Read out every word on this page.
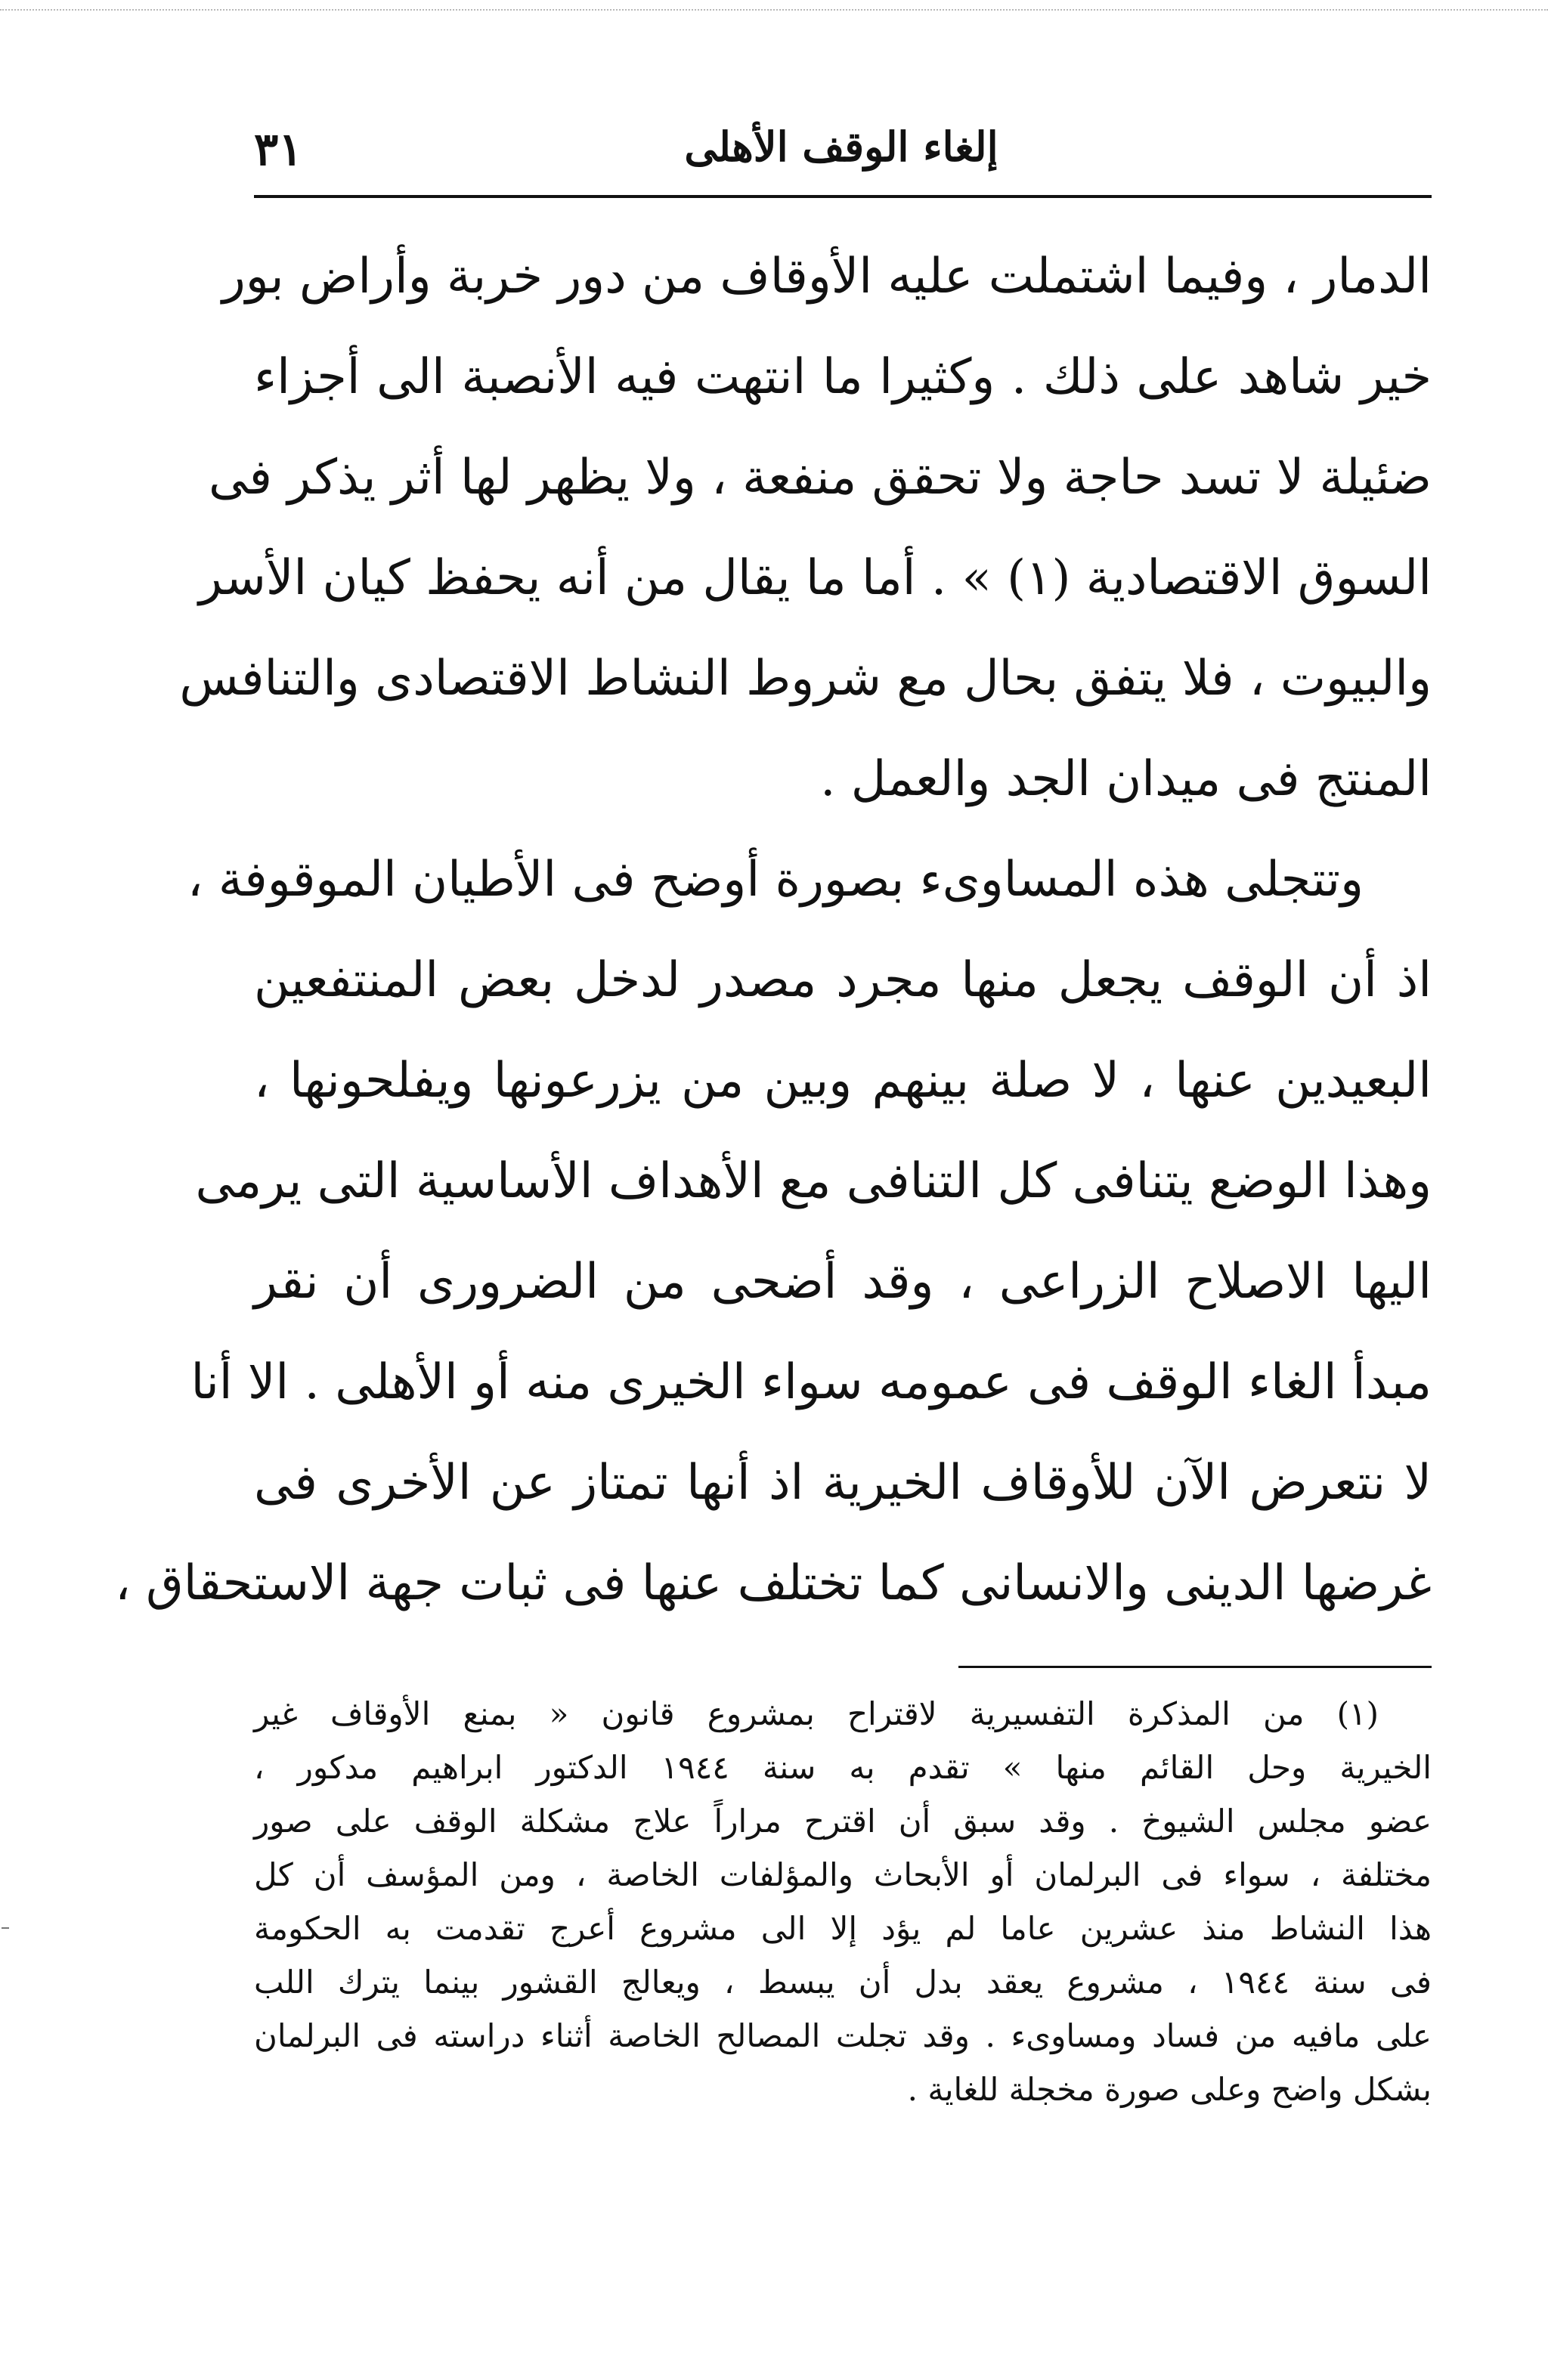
٣١	إلغاء الوقف الأهلى
الدمار ، وفيما اشتملت عليه الأوقاف من دور خربة وأراض بور
خير شاهد على ذلك . وكثيرا ما انتهت فيه الأنصبة الى أجزاء
ضئيلة لا تسد حاجة ولا تحقق منفعة ، ولا يظهر لها أثر يذكر فى
السوق الاقتصادية (١) » . أما ما يقال من أنه يحفظ كيان الأسر
والبيوت ، فلا يتفق بحال مع شروط النشاط الاقتصادى والتنافس
المنتج فى ميدان الجد والعمل .
وتتجلى هذه المساوىء بصورة أوضح فى الأطيان الموقوفة ،
اذ أن الوقف يجعل منها مجرد مصدر لدخل بعض المنتفعين
البعيدين عنها ، لا صلة بينهم وبين من يزرعونها ويفلحونها ،
وهذا الوضع يتنافى كل التنافى مع الأهداف الأساسية التى يرمى
اليها الاصلاح الزراعى ، وقد أضحى من الضرورى أن نقر
مبدأ الغاء الوقف فى عمومه سواء الخيرى منه أو الأهلى . الا أنا
لا نتعرض الآن للأوقاف الخيرية اذ أنها تمتاز عن الأخرى فى
غرضها الدينى والانسانى كما تختلف عنها فى ثبات جهة الاستحقاق ،
(١) من المذكرة التفسيرية لاقتراح بمشروع قانون « بمنع الأوقاف غير
الخيرية وحل القائم منها » تقدم به سنة ١٩٤٤ الدكتور ابراهيم مدكور ،
عضو مجلس الشيوخ . وقد سبق أن اقترح مراراً علاج مشكلة الوقف على صور
مختلفة ، سواء فى البرلمان أو الأبحاث والمؤلفات الخاصة ، ومن المؤسف أن كل
هذا النشاط منذ عشرين عاما لم يؤد إلا الى مشروع أعرج تقدمت به الحكومة
فى سنة ١٩٤٤ ، مشروع يعقد بدل أن يبسط ، ويعالج القشور بينما يترك اللب
على مافيه من فساد ومساوىء . وقد تجلت المصالح الخاصة أثناء دراسته فى البرلمان
بشكل واضح وعلى صورة مخجلة للغاية .
